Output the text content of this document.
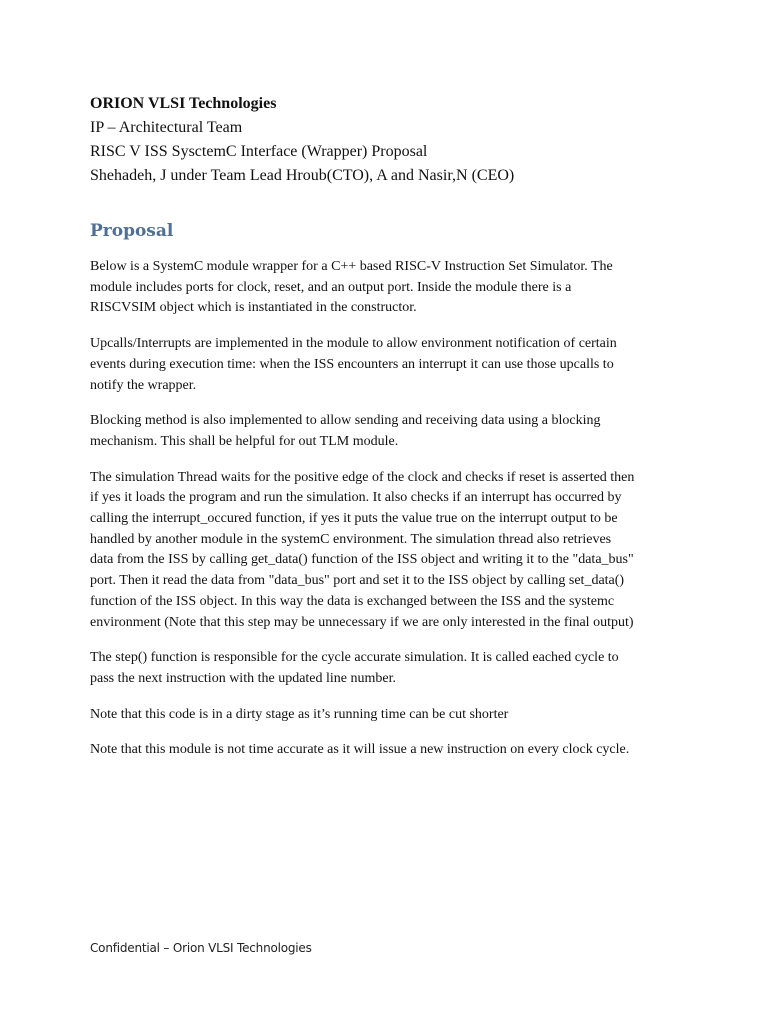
ORION VLSI Technologies

IP – Architectural Team

RISC V ISS SysctemC Interface (Wrapper) Proposal

Shehadeh, J under Team Lead Hroub(CTO), A and Nasir,N (CEO)

Proposal

Below is a SystemC module wrapper for a C++ based RISC-V Instruction Set Simulator. The

module includes ports for clock, reset, and an output port. Inside the module there is a

RISCVSIM object which is instantiated in the constructor.

Upcalls/Interrupts are implemented in the module to allow environment notification of certain

events during execution time: when the ISS encounters an interrupt it can use those upcalls to

notify the wrapper.

Blocking method is also implemented to allow sending and receiving data using a blocking

mechanism. This shall be helpful for out TLM module.

The simulation Thread waits for the positive edge of the clock and checks if reset is asserted then

if yes it loads the program and run the simulation. It also checks if an interrupt has occurred by

calling the interrupt_occured function, if yes it puts the value true on the interrupt output to be

handled by another module in the systemC environment. The simulation thread also retrieves

data from the ISS by calling get_data() function of the ISS object and writing it to the "data_bus"

port. Then it read the data from "data_bus" port and set it to the ISS object by calling set_data()

function of the ISS object. In this way the data is exchanged between the ISS and the systemc

environment (Note that this step may be unnecessary if we are only interested in the final output)

The step() function is responsible for the cycle accurate simulation. It is called eached cycle to

pass the next instruction with the updated line number.

Note that this code is in a dirty stage as it’s running time can be cut shorter

Note that this module is not time accurate as it will issue a new instruction on every clock cycle.

Confidential – Orion VLSI Technologies
